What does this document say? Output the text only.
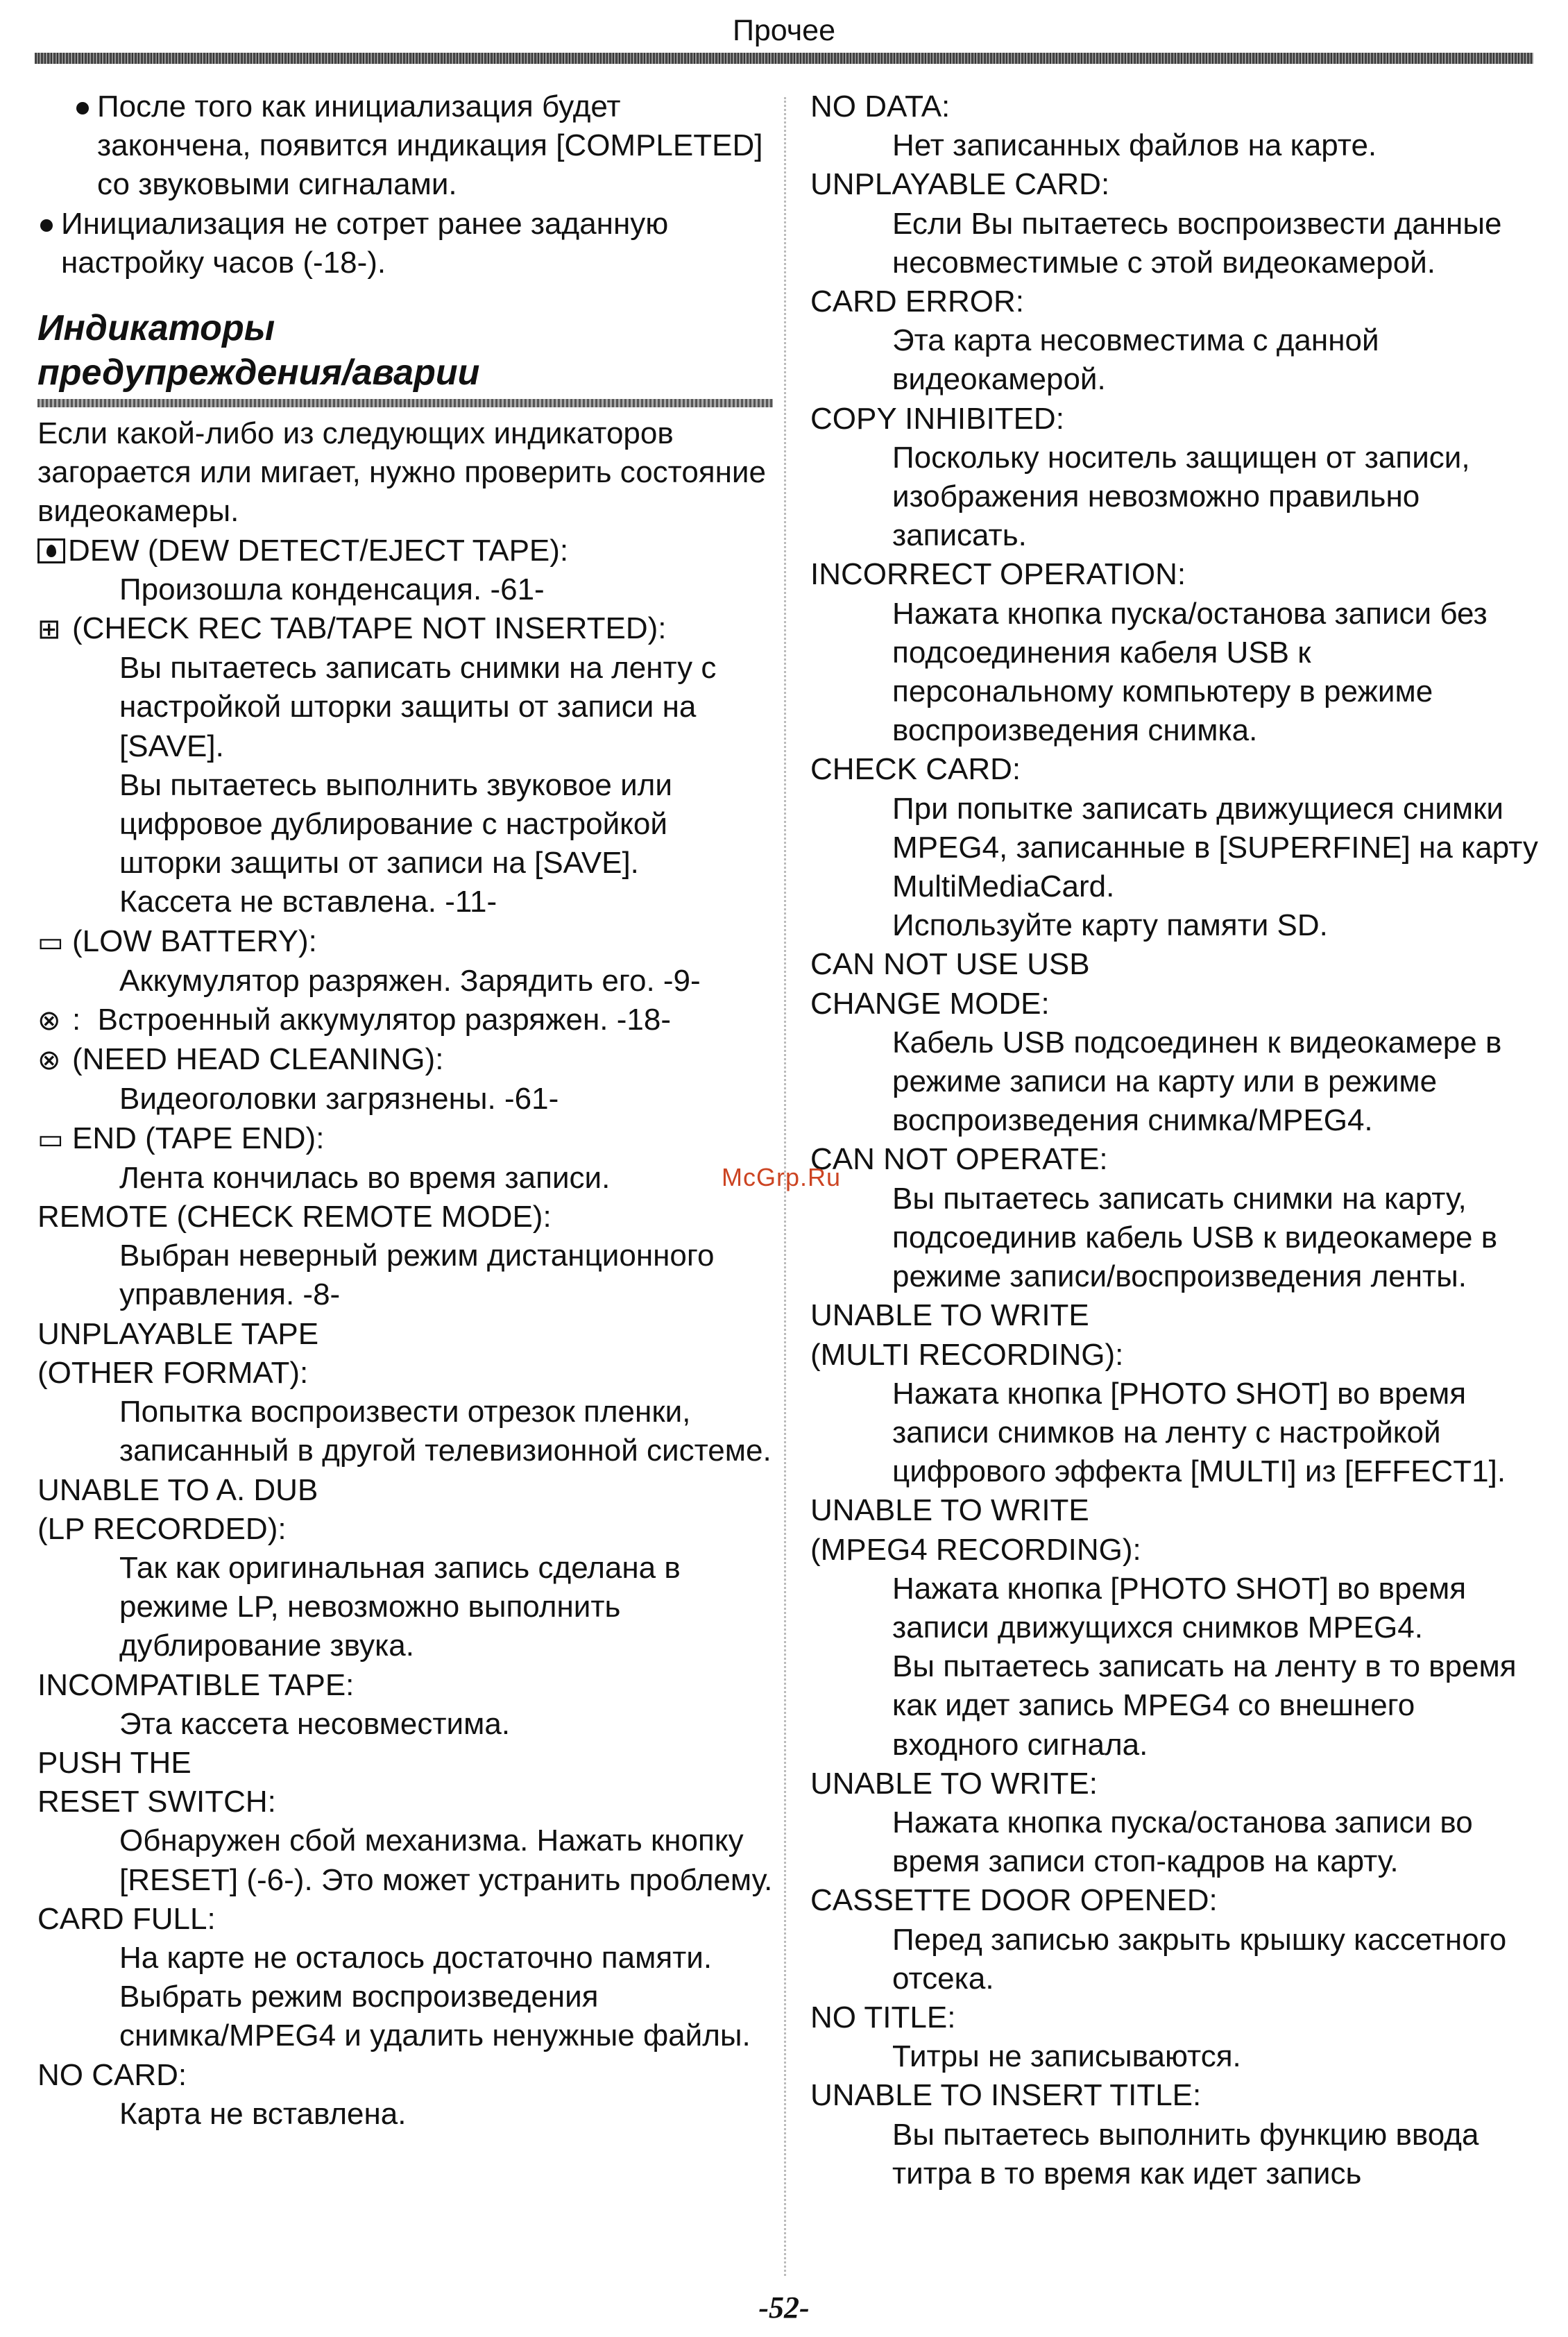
Прочее
После того как инициализация будет закончена, появится индикация [COMPLETED] со звуковыми сигналами.
Инициализация не сотрет ранее заданную настройку часов (-18-).
Индикаторы
предупреждения/аварии
Если какой-либо из следующих индикаторов загорается или мигает, нужно проверить состояние видеокамеры.
DEW (DEW DETECT/EJECT TAPE):
Произошла конденсация. -61-
⊞ (CHECK REC TAB/TAPE NOT INSERTED):
Вы пытаетесь записать снимки на ленту с настройкой шторки защиты от записи на [SAVE].
Вы пытаетесь выполнить звуковое или цифровое дублирование с настройкой шторки защиты от записи на [SAVE].
Кассета не вставлена. -11-
▭ (LOW BATTERY):
Аккумулятор разряжен. Зарядить его. -9-
⊗ :  Встроенный аккумулятор разряжен. -18-
⊗ (NEED HEAD CLEANING):
Видеоголовки загрязнены. -61-
▭ END (TAPE END):
Лента кончилась во время записи.
REMOTE (CHECK REMOTE MODE):
Выбран неверный режим дистанционного управления. -8-
UNPLAYABLE TAPE
(OTHER FORMAT):
Попытка воспроизвести отрезок пленки, записанный в другой телевизионной системе.
UNABLE TO A. DUB
(LP RECORDED):
Так как оригинальная запись сделана в режиме LP, невозможно выполнить дублирование звука.
INCOMPATIBLE TAPE:
Эта кассета несовместима.
PUSH THE
RESET SWITCH:
Обнаружен сбой механизма. Нажать кнопку [RESET] (-6-). Это может устранить проблему.
CARD FULL:
На карте не осталось достаточно памяти.
Выбрать режим воспроизведения снимка/MPEG4 и удалить ненужные файлы.
NO CARD:
Карта не вставлена.
NO DATA:
Нет записанных файлов на карте.
UNPLAYABLE CARD:
Если Вы пытаетесь воспроизвести данные несовместимые с этой видеокамерой.
CARD ERROR:
Эта карта несовместима с данной видеокамерой.
COPY INHIBITED:
Поскольку носитель защищен от записи, изображения невозможно правильно записать.
INCORRECT OPERATION:
Нажата кнопка пуска/останова записи без подсоединения кабеля USB к персональному компьютеру в режиме воспроизведения снимка.
CHECK CARD:
При попытке записать движущиеся снимки MPEG4, записанные в [SUPERFINE] на карту MultiMediaCard.
Используйте карту памяти SD.
CAN NOT USE USB
CHANGE MODE:
Кабель USB подсоединен к видеокамере в режиме записи на карту или в режиме воспроизведения снимка/MPEG4.
CAN NOT OPERATE:
Вы пытаетесь записать снимки на карту, подсоединив кабель USB к видеокамере в режиме записи/воспроизведения ленты.
UNABLE TO WRITE
(MULTI RECORDING):
Нажата кнопка [PHOTO SHOT] во время записи снимков на ленту с настройкой цифрового эффекта [MULTI] из [EFFECT1].
UNABLE TO WRITE
(MPEG4 RECORDING):
Нажата кнопка [PHOTO SHOT] во время записи движущихся снимков MPEG4.
Вы пытаетесь записать на ленту в то время как идет запись MPEG4 со внешнего входного сигнала.
UNABLE TO WRITE:
Нажата кнопка пуска/останова записи во время записи стоп-кадров на карту.
CASSETTE DOOR OPENED:
Перед записью закрыть крышку кассетного отсека.
NO TITLE:
Титры не записываются.
UNABLE TO INSERT TITLE:
Вы пытаетесь выполнить функцию ввода титра в то время как идет запись
McGrp.Ru
-52-
